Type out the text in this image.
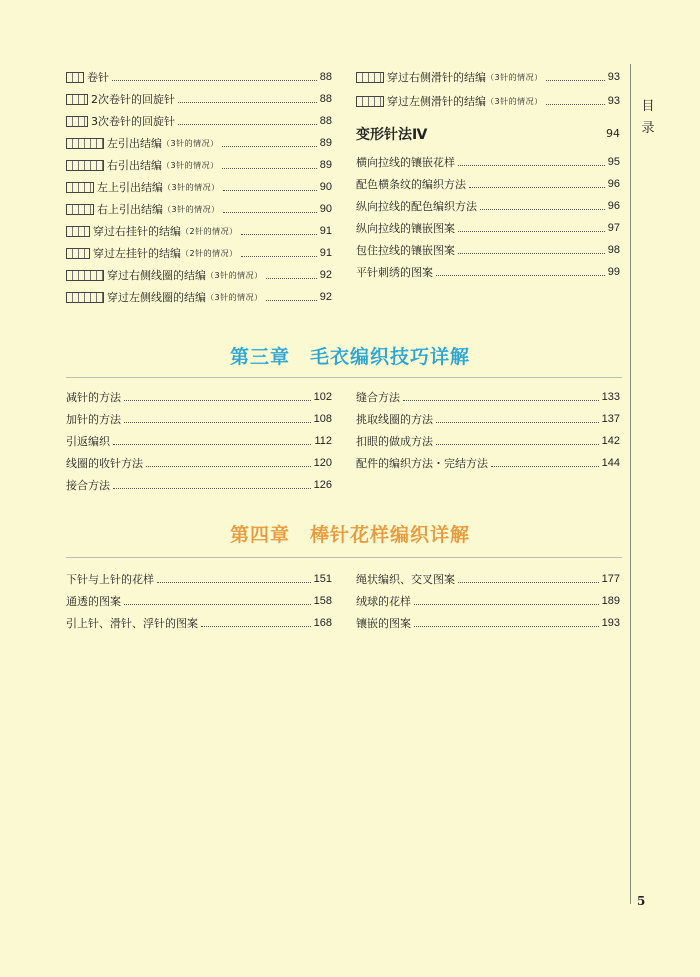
目
录
5
卷针	88
2次卷针的回旋针	88
3次卷针的回旋针	88
左引出结编 （3针的情况）	89
右引出结编 （3针的情况）	89
左上引出结编 （3针的情况）	90
右上引出结编 （3针的情况）	90
穿过右挂针的结编 （2针的情况）	91
穿过左挂针的结编 （2针的情况）	91
穿过右侧线圈的结编 （3针的情况）	92
穿过左侧线圈的结编 （3针的情况）	92
穿过右侧滑针的结编 （3针的情况）	93
穿过左侧滑针的结编 （3针的情况）	93
变形针法Ⅳ	94
横向拉线的镶嵌花样	95
配色横条纹的编织方法	96
纵向拉线的配色编织方法	96
纵向拉线的镶嵌图案	97
包住拉线的镶嵌图案	98
平针刺绣的图案	99
第三章　毛衣编织技巧详解
减针的方法	102
加针的方法	108
引返编织	112
线圈的收针方法	120
接合方法	126
缝合方法	133
挑取线圈的方法	137
扣眼的做成方法	142
配件的编织方法・完结方法	144
第四章　棒针花样编织详解
下针与上针的花样	151
通透的图案	158
引上针、滑针、浮针的图案	168
绳状编织、交叉图案	177
绒球的花样	189
镶嵌的图案	193
